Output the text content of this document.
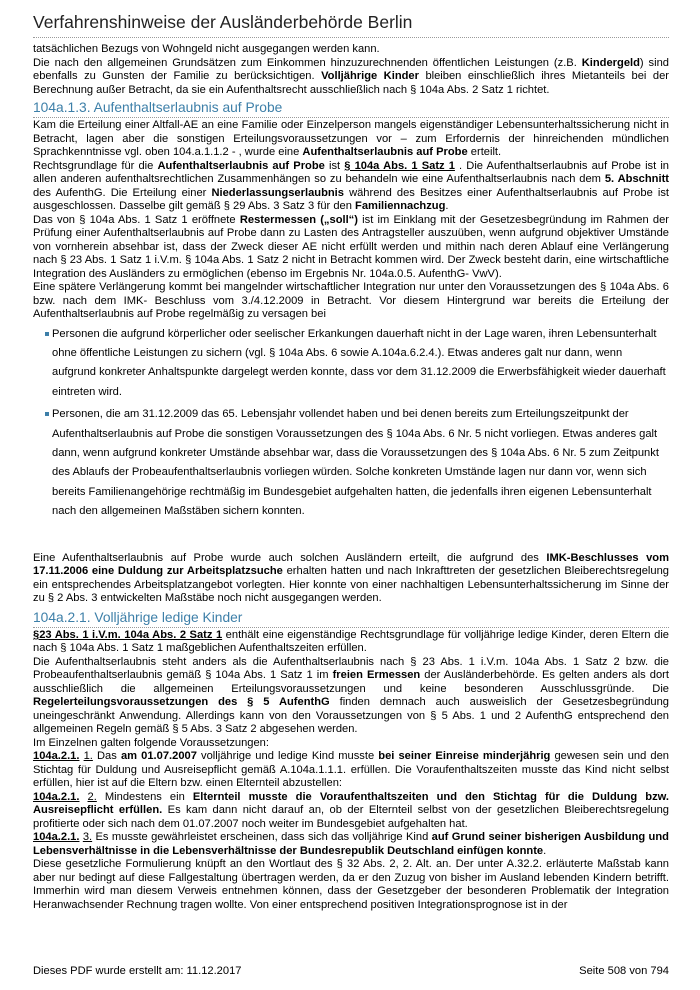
Verfahrenshinweise der Ausländerbehörde Berlin

tatsächlichen Bezugs von Wohngeld nicht ausgegangen werden kann.

Die nach den allgemeinen Grundsätzen zum Einkommen hinzuzurechnenden öffentlichen Leistungen (z.B. Kindergeld) sind ebenfalls zu Gunsten der Familie zu berücksichtigen. Volljährige Kinder bleiben einschließlich ihres Mietanteils bei der Berechnung außer Betracht, da sie ein Aufenthaltsrecht ausschließlich nach § 104a Abs. 2 Satz 1 richtet.

104a.1.3. Aufenthaltserlaubnis auf Probe

Kam die Erteilung einer Altfall-AE an eine Familie oder Einzelperson mangels eigenständiger Lebensunterhaltssicherung nicht in Betracht, lagen aber die sonstigen Erteilungsvoraussetzungen vor – zum Erfordernis der hinreichenden mündlichen Sprachkenntnisse vgl. oben 104.a.1.1.2 - , wurde eine Aufenthaltserlaubnis auf Probe erteilt.

Rechtsgrundlage für die Aufenthaltserlaubnis auf Probe ist § 104a Abs. 1 Satz 1 . Die Aufenthaltserlaubnis auf Probe ist in allen anderen aufenthaltsrechtlichen Zusammenhängen so zu behandeln wie eine Aufenthaltserlaubnis nach dem 5. Abschnitt des AufenthG. Die Erteilung einer Niederlassungserlaubnis während des Besitzes einer Aufenthaltserlaubnis auf Probe ist ausgeschlossen. Dasselbe gilt gemäß § 29 Abs. 3 Satz 3 für den Familiennachzug.

Das von § 104a Abs. 1 Satz 1 eröffnete Restermessen („soll“) ist im Einklang mit der Gesetzesbegründung im Rahmen der Prüfung einer Aufenthaltserlaubnis auf Probe dann zu Lasten des Antragsteller auszuüben, wenn aufgrund objektiver Umstände von vornherein absehbar ist, dass der Zweck dieser AE nicht erfüllt werden und mithin nach deren Ablauf eine Verlängerung nach § 23 Abs. 1 Satz 1 i.V.m. § 104a Abs. 1 Satz 2 nicht in Betracht kommen wird. Der Zweck besteht darin, eine wirtschaftliche Integration des Ausländers zu ermöglichen (ebenso im Ergebnis Nr. 104a.0.5. AufenthG- VwV).

Eine spätere Verlängerung kommt bei mangelnder wirtschaftlicher Integration nur unter den Voraussetzungen des § 104a Abs. 6 bzw. nach dem IMK- Beschluss vom 3./4.12.2009 in Betracht. Vor diesem Hintergrund war bereits die Erteilung der Aufenthaltserlaubnis auf Probe regelmäßig zu versagen bei

Personen die aufgrund körperlicher oder seelischer Erkankungen dauerhaft nicht in der Lage waren, ihren Lebensunterhalt ohne öffentliche Leistungen zu sichern (vgl. § 104a Abs. 6 sowie A.104a.6.2.4.). Etwas anderes galt nur dann, wenn aufgrund konkreter Anhaltspunkte dargelegt werden konnte, dass vor dem 31.12.2009 die Erwerbsfähigkeit wieder dauerhaft eintreten wird.
Personen, die am 31.12.2009 das 65. Lebensjahr vollendet haben und bei denen bereits zum Erteilungszeitpunkt der Aufenthaltserlaubnis auf Probe die sonstigen Voraussetzungen des § 104a Abs. 6 Nr. 5 nicht vorliegen. Etwas anderes galt dann, wenn aufgrund konkreter Umstände absehbar war, dass die Voraussetzungen des § 104a Abs. 6 Nr. 5 zum Zeitpunkt des Ablaufs der Probeaufenthaltserlaubnis vorliegen würden. Solche konkreten Umstände lagen nur dann vor, wenn sich bereits Familienangehörige rechtmäßig im Bundesgebiet aufgehalten hatten, die jedenfalls ihren eigenen Lebensunterhalt nach den allgemeinen Maßstäben sichern konnten.

Eine Aufenthaltserlaubnis auf Probe wurde auch solchen Ausländern erteilt, die aufgrund des IMK-Beschlusses vom 17.11.2006 eine Duldung zur Arbeitsplatzsuche erhalten hatten und nach Inkrafttreten der gesetzlichen Bleiberechtsregelung ein entsprechendes Arbeitsplatzangebot vorlegten. Hier konnte von einer nachhaltigen Lebensunterhaltssicherung im Sinne der zu § 2 Abs. 3 entwickelten Maßstäbe noch nicht ausgegangen werden.

104a.2.1. Volljährige ledige Kinder

§23 Abs. 1 i.V.m. 104a Abs. 2 Satz 1 enthält eine eigenständige Rechtsgrundlage für volljährige ledige Kinder, deren Eltern die nach § 104a Abs. 1 Satz 1 maßgeblichen Aufenthaltszeiten erfüllen.

Die Aufenthaltserlaubnis steht anders als die Aufenthaltserlaubnis nach § 23 Abs. 1 i.V.m. 104a Abs. 1 Satz 2 bzw. die Probeaufenthaltserlaubnis gemäß § 104a Abs. 1 Satz 1 im freien Ermessen der Ausländerbehörde. Es gelten anders als dort ausschließlich die allgemeinen Erteilungsvoraussetzungen und keine besonderen Ausschlussgründe. Die Regelerteilungsvoraussetzungen des § 5 AufenthG finden demnach auch ausweislich der Gesetzesbegründung uneingeschränkt Anwendung. Allerdings kann von den Voraussetzungen von § 5 Abs. 1 und 2 AufenthG entsprechend den allgemeinen Regeln gemäß § 5 Abs. 3 Satz 2 abgesehen werden.

Im Einzelnen galten folgende Voraussetzungen:

104a.2.1. 1. Das am 01.07.2007 volljährige und ledige Kind musste bei seiner Einreise minderjährig gewesen sein und den Stichtag für Duldung und Ausreisepflicht gemäß A.104a.1.1.1. erfüllen. Die Voraufenthaltszeiten musste das Kind nicht selbst erfüllen, hier ist auf die Eltern bzw. einen Elternteil abzustellen:

104a.2.1. 2. Mindestens ein Elternteil musste die Voraufenthaltszeiten und den Stichtag für die Duldung bzw. Ausreisepflicht erfüllen. Es kam dann nicht darauf an, ob der Elternteil selbst von der gesetzlichen Bleiberechtsregelung profitierte oder sich nach dem 01.07.2007 noch weiter im Bundesgebiet aufgehalten hat.

104a.2.1. 3. Es musste gewährleistet erscheinen, dass sich das volljährige Kind auf Grund seiner bisherigen Ausbildung und Lebensverhältnisse in die Lebensverhältnisse der Bundesrepublik Deutschland einfügen konnte.

Diese gesetzliche Formulierung knüpft an den Wortlaut des § 32 Abs. 2, 2. Alt. an. Der unter A.32.2. erläuterte Maßstab kann aber nur bedingt auf diese Fallgestaltung übertragen werden, da er den Zuzug von bisher im Ausland lebenden Kindern betrifft. Immerhin wird man diesem Verweis entnehmen können, dass der Gesetzgeber der besonderen Problematik der Integration Heranwachsender Rechnung tragen wollte. Von einer entsprechend positiven Integrationsprognose ist in der

Dieses PDF wurde erstellt am: 11.12.2017	Seite 508 von 794
